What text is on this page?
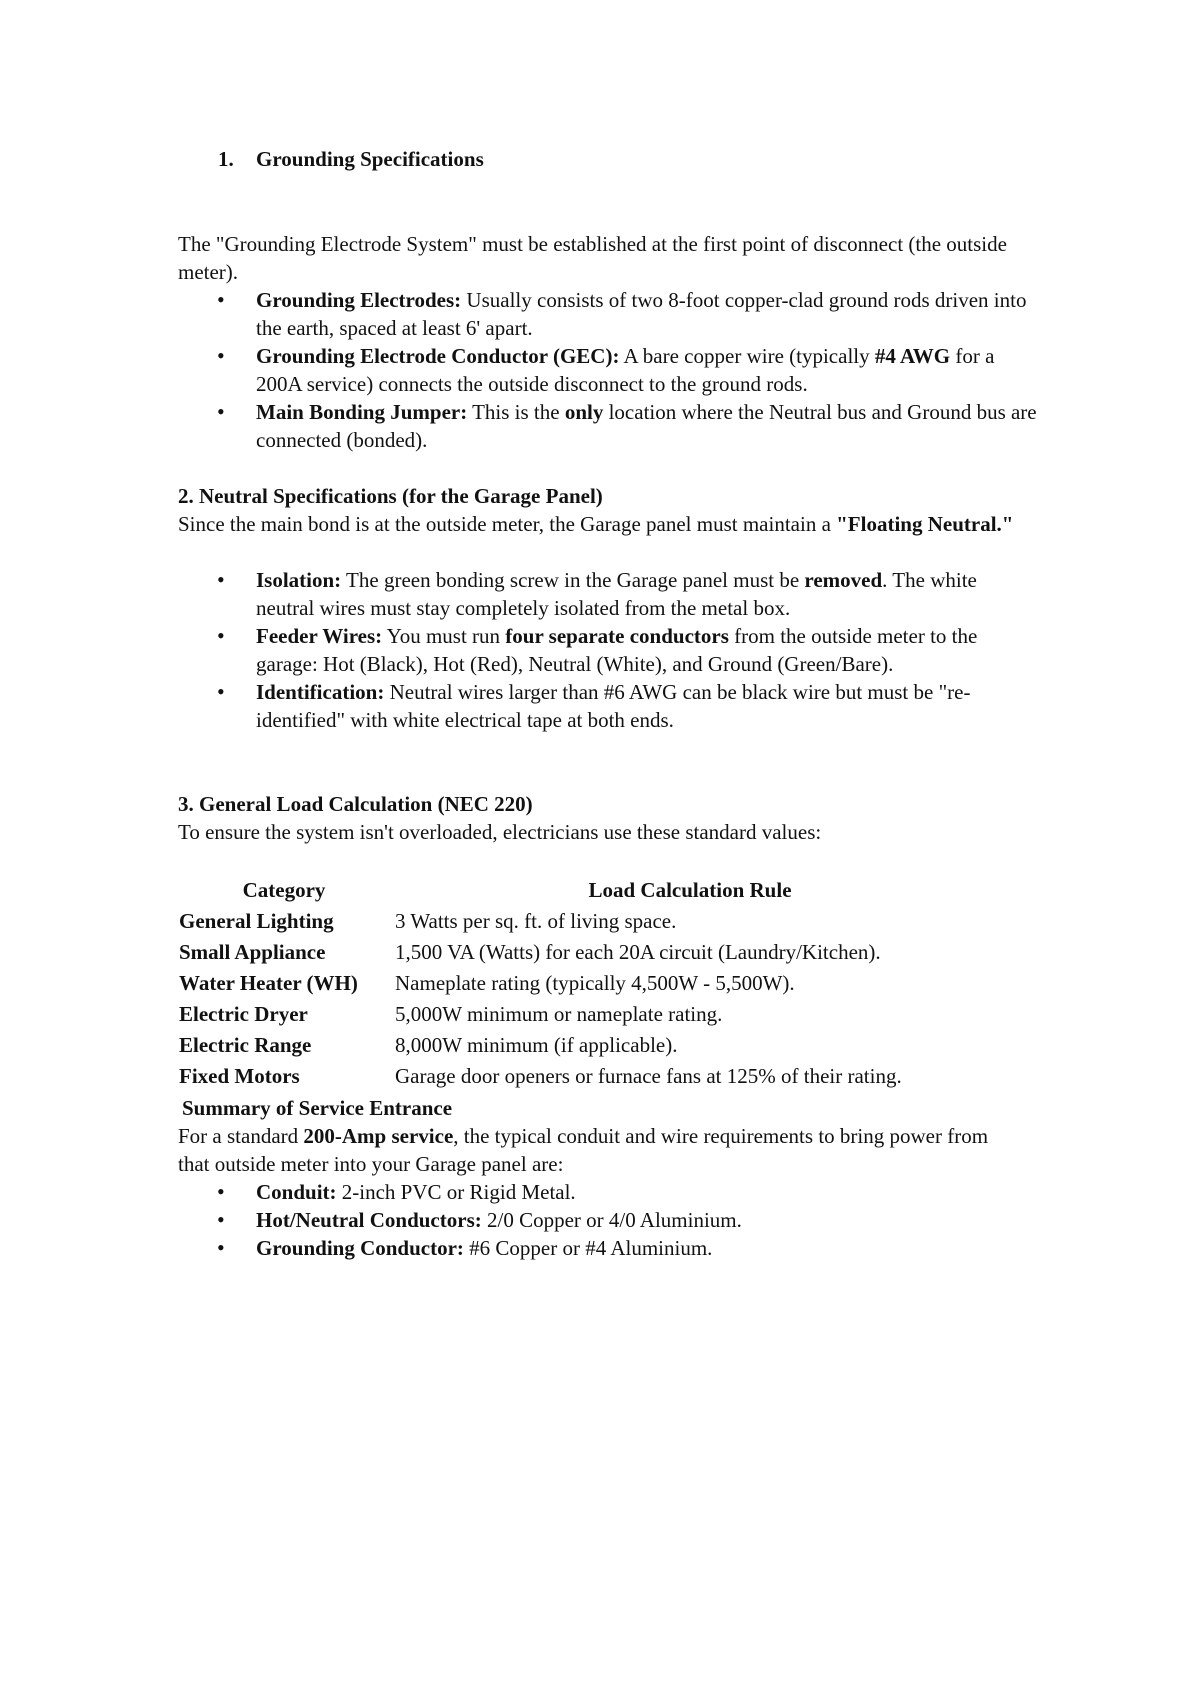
1. Grounding Specifications

The "Grounding Electrode System" must be established at the first point of disconnect (the outside meter).

• Grounding Electrodes: Usually consists of two 8-foot copper-clad ground rods driven into the earth, spaced at least 6' apart.
• Grounding Electrode Conductor (GEC): A bare copper wire (typically #4 AWG for a 200A service) connects the outside disconnect to the ground rods.
• Main Bonding Jumper: This is the only location where the Neutral bus and Ground bus are connected (bonded).

2. Neutral Specifications (for the Garage Panel)

Since the main bond is at the outside meter, the Garage panel must maintain a "Floating Neutral."

• Isolation: The green bonding screw in the Garage panel must be removed. The white neutral wires must stay completely isolated from the metal box.
• Feeder Wires: You must run four separate conductors from the outside meter to the garage: Hot (Black), Hot (Red), Neutral (White), and Ground (Green/Bare).
• Identification: Neutral wires larger than #6 AWG can be black wire but must be "re-identified" with white electrical tape at both ends.

3. General Load Calculation (NEC 220)

To ensure the system isn't overloaded, electricians use these standard values:

Category	Load Calculation Rule
General Lighting	3 Watts per sq. ft. of living space.
Small Appliance	1,500 VA (Watts) for each 20A circuit (Laundry/Kitchen).
Water Heater (WH)	Nameplate rating (typically 4,500W - 5,500W).
Electric Dryer	5,000W minimum or nameplate rating.
Electric Range	8,000W minimum (if applicable).
Fixed Motors	Garage door openers or furnace fans at 125% of their rating.

Summary of Service Entrance

For a standard 200-Amp service, the typical conduit and wire requirements to bring power from that outside meter into your Garage panel are:

• Conduit: 2-inch PVC or Rigid Metal.
• Hot/Neutral Conductors: 2/0 Copper or 4/0 Aluminium.
• Grounding Conductor: #6 Copper or #4 Aluminium.
